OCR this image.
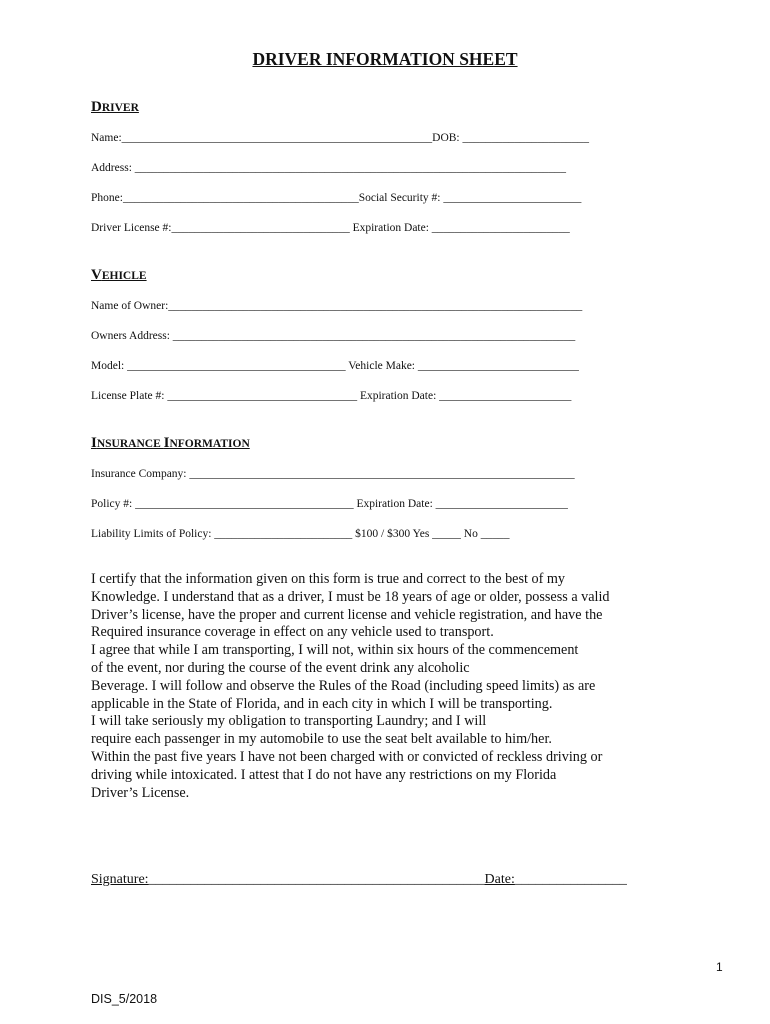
DRIVER INFORMATION SHEET
DRIVER
Name:______________________________________________________DOB: ______________________
Address: ___________________________________________________________________________
Phone:_________________________________________Social Security #: ________________________
Driver License #:_______________________________ Expiration Date: ________________________
VEHICLE
Name of Owner:________________________________________________________________________
Owners Address: ______________________________________________________________________
Model: ______________________________________ Vehicle Make: ____________________________
License Plate #: _________________________________ Expiration Date: _______________________
INSURANCE INFORMATION
Insurance Company: ___________________________________________________________________
Policy #: ______________________________________ Expiration Date: _______________________
Liability Limits of Policy: ________________________ $100 / $300 Yes _____ No _____
I certify that the information given on this form is true and correct to the best of my
Knowledge. I understand that as a driver, I must be 18 years of age or older, possess a valid
Driver’s license, have the proper and current license and vehicle registration, and have the
Required insurance coverage in effect on any vehicle used to transport.
I agree that while I am transporting, I will not, within six hours of the commencement
of the event, nor during the course of the event drink any alcoholic
Beverage. I will follow and observe the Rules of the Road (including speed limits) as are
applicable in the State of Florida, and in each city in which I will be transporting.
I will take seriously my obligation to transporting Laundry; and I will
require each passenger in my automobile to use the seat belt available to him/her.
Within the past five years I have not been charged with or convicted of reckless driving or
driving while intoxicated. I attest that I do not have any restrictions on my Florida
Driver’s License.
Signature:________________________________________________Date:________________
1
DIS_5/2018
